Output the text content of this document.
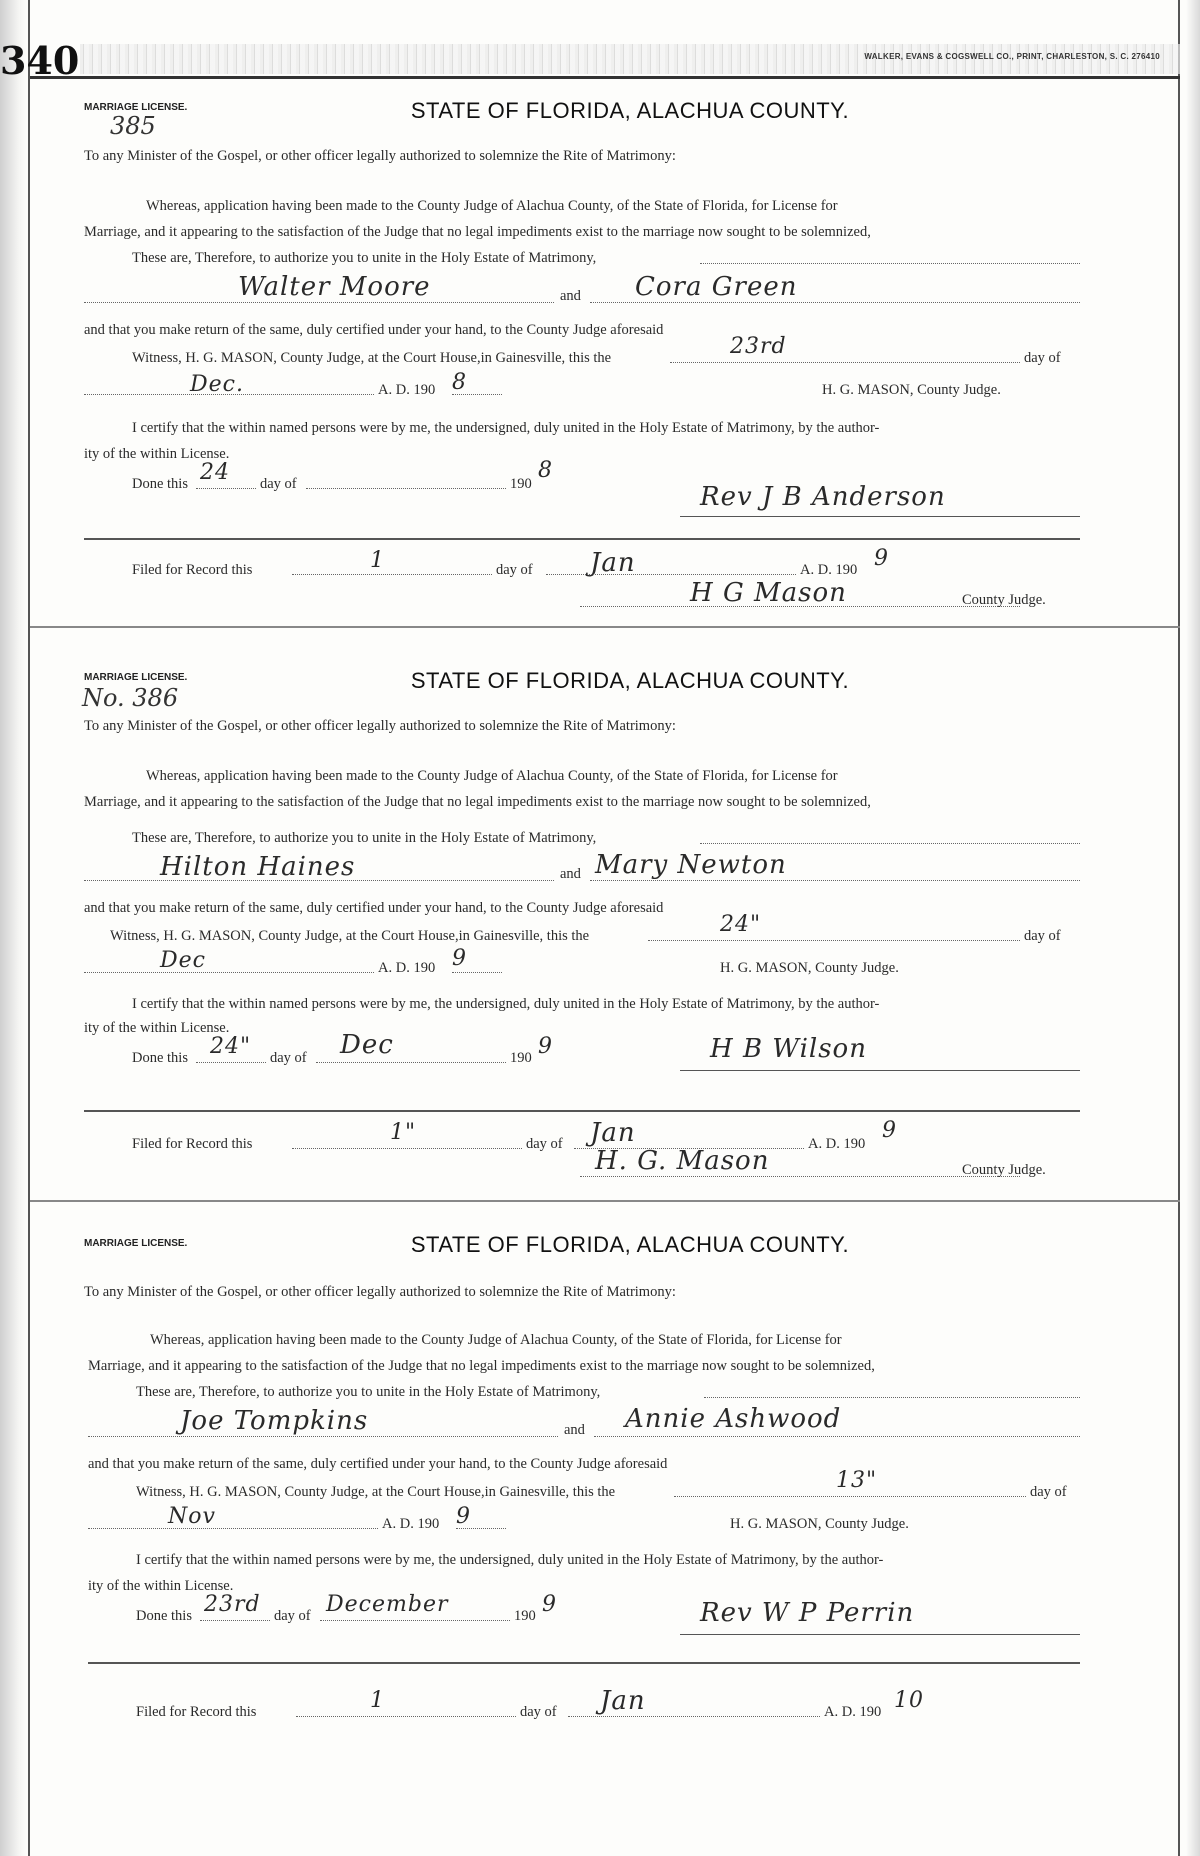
340	WALKER, EVANS & COGSWELL CO., PRINT, CHARLESTON, S. C. 276410
MARRIAGE LICENSE.
385
STATE OF FLORIDA, ALACHUA COUNTY.
To any Minister of the Gospel, or other officer legally authorized to solemnize the Rite of Matrimony:
Whereas, application having been made to the County Judge of Alachua County, of the State of Florida, for License for
Marriage, and it appearing to the satisfaction of the Judge that no legal impediments exist to the marriage now sought to be solemnized,
These are, Therefore, to authorize you to unite in the Holy Estate of Matrimony,
Walter Moore	and Cora Green
and that you make return of the same, duly certified under your hand, to the County Judge aforesaid
Witness, H. G. MASON, County Judge, at the Court House,in Gainesville, this the	23rd	day of
Dec.	A. D. 190 8	H. G. MASON, County Judge.
I certify that the within named persons were by me, the undersigned, duly united in the Holy Estate of Matrimony, by the author-
ity of the within License.
Done this 24 day of	190
8
Rev J B Anderson
Filed for Record this	1	day of Jan	A. D. 190 9
H G Mason	County Judge.
MARRIAGE LICENSE.
No. 386
STATE OF FLORIDA, ALACHUA COUNTY.
To any Minister of the Gospel, or other officer legally authorized to solemnize the Rite of Matrimony:
Whereas, application having been made to the County Judge of Alachua County, of the State of Florida, for License for
Marriage, and it appearing to the satisfaction of the Judge that no legal impediments exist to the marriage now sought to be solemnized,
These are, Therefore, to authorize you to unite in the Holy Estate of Matrimony,
Hilton Haines	and Mary Newton
and that you make return of the same, duly certified under your hand, to the County Judge aforesaid
Witness, H. G. MASON, County Judge, at the Court House,in Gainesville, this the	24"	day of
Dec	A. D. 190 9	H. G. MASON, County Judge.
I certify that the within named persons were by me, the undersigned, duly united in the Holy Estate of Matrimony, by the author-
ity of the within License.
Done this 24" day of Dec	190 9	H B Wilson
Filed for Record this	1"	day of Jan	A. D. 190
9
H. G. Mason	County Judge.
MARRIAGE LICENSE.	STATE OF FLORIDA, ALACHUA COUNTY.
To any Minister of the Gospel, or other officer legally authorized to solemnize the Rite of Matrimony:
Whereas, application having been made to the County Judge of Alachua County, of the State of Florida, for License for
Marriage, and it appearing to the satisfaction of the Judge that no legal impediments exist to the marriage now sought to be solemnized,
These are, Therefore, to authorize you to unite in the Holy Estate of Matrimony,
Joe Tompkins	and Annie Ashwood
and that you make return of the same, duly certified under your hand, to the County Judge aforesaid
Witness, H. G. MASON, County Judge, at the Court House,in Gainesville, this the	13"	day of
Nov	A. D. 190 9	H. G. MASON, County Judge.
I certify that the within named persons were by me, the undersigned, duly united in the Holy Estate of Matrimony, by the author-
ity of the within License.
Done this 23rd day of December	190 9	Rev W P Perrin
Filed for Record this	1	day of Jan	A. D. 190 10
